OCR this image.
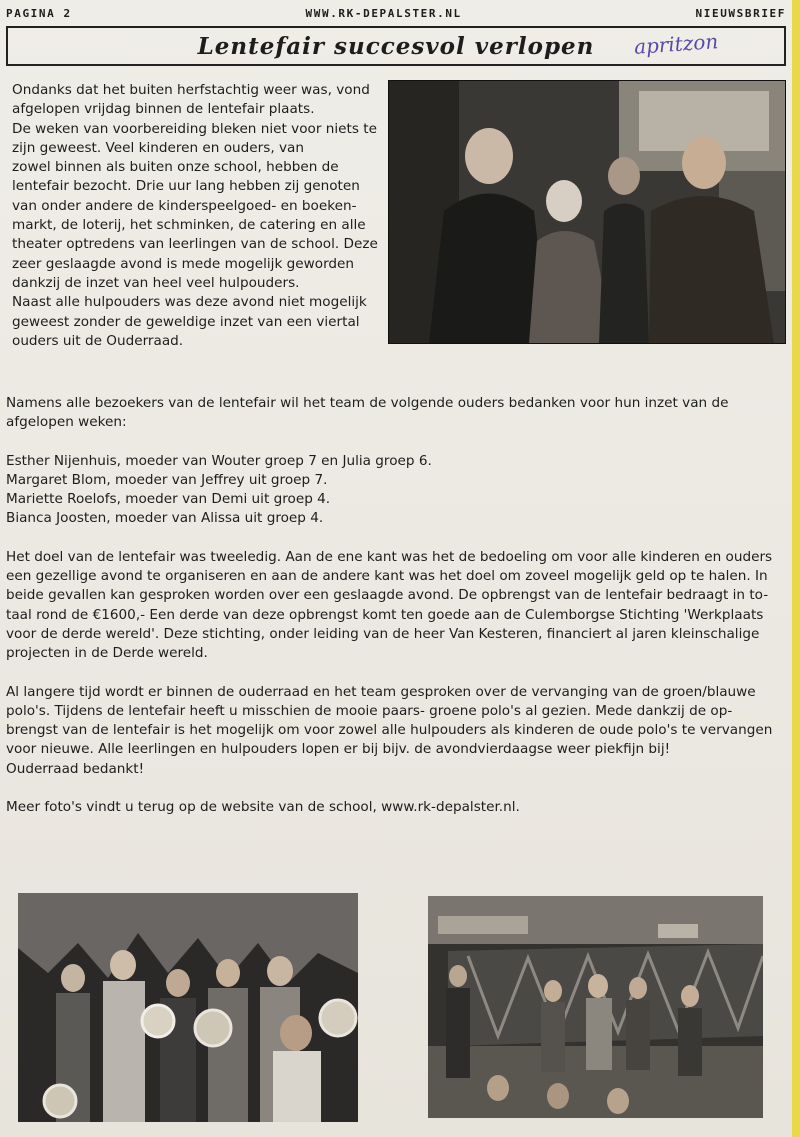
PAGINA 2	WWW.RK-DEPALSTER.NL	NIEUWSBRIEF
Lentefair succesvol verlopen apritzon

Ondanks dat het buiten herfstachtig weer was, vond

afgelopen vrijdag binnen de lentefair plaats.

De weken van voorbereiding bleken niet voor niets te

zijn geweest. Veel kinderen en ouders, van

zowel binnen als buiten onze school, hebben de

lentefair bezocht. Drie uur lang hebben zij genoten

van onder andere de kinderspeelgoed- en boeken-

markt, de loterij, het schminken, de catering en alle

theater optredens van leerlingen van de school. Deze

zeer geslaagde avond is mede mogelijk geworden

dankzij de inzet van heel veel hulpouders.

Naast alle hulpouders was deze avond niet mogelijk

geweest zonder de geweldige inzet van een viertal

ouders uit de Ouderraad.

Namens alle bezoekers van de lentefair wil het team de volgende ouders bedanken voor hun inzet van de

afgelopen weken:

Esther Nijenhuis, moeder van Wouter groep 7 en Julia groep 6.

Margaret Blom, moeder van Jeffrey uit groep 7.

Mariette Roelofs, moeder van Demi uit groep 4.

Bianca Joosten, moeder van Alissa uit groep 4.

Het doel van de lentefair was tweeledig. Aan de ene kant was het de bedoeling om voor alle kinderen en ouders

een gezellige avond te organiseren en aan de andere kant was het doel om zoveel mogelijk geld op te halen. In

beide gevallen kan gesproken worden over een geslaagde avond. De opbrengst van de lentefair bedraagt in to-

taal rond de €1600,- Een derde van deze opbrengst komt ten goede aan de Culemborgse Stichting 'Werkplaats

voor de derde wereld'. Deze stichting, onder leiding van de heer Van Kesteren, financiert al jaren kleinschalige

projecten in de Derde wereld.

Al langere tijd wordt er binnen de ouderraad en het team gesproken over de vervanging van de groen/blauwe

polo's. Tijdens de lentefair heeft u misschien de mooie paars- groene polo's al gezien. Mede dankzij de op-

brengst van de lentefair is het mogelijk om voor zowel alle hulpouders als kinderen de oude polo's te vervangen

voor nieuwe. Alle leerlingen en hulpouders lopen er bij bijv. de avondvierdaagse weer piekfijn bij!

Ouderraad bedankt!

Meer foto's vindt u terug op de website van de school, www.rk-depalster.nl.
